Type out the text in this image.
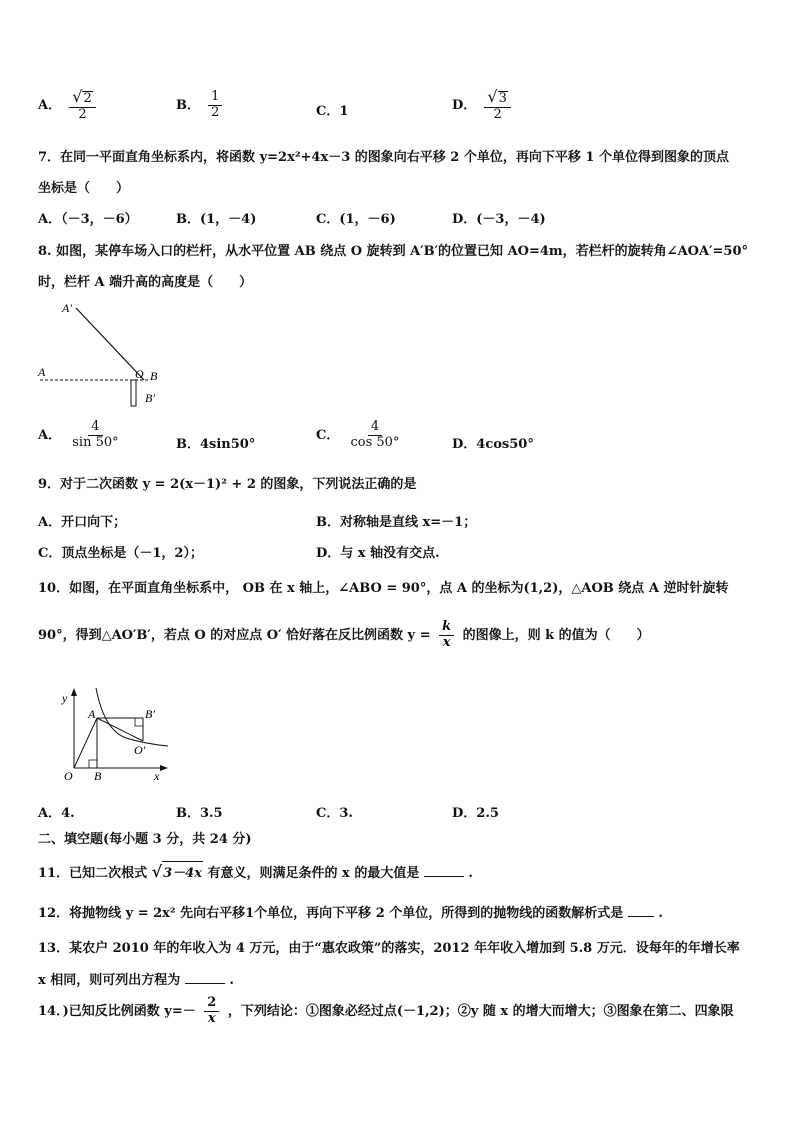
A． $\frac{√2}{2}$	B． $\frac{1}{2}$	C．1	D． $\frac{√3}{2}$
7．在同一平面直角坐标系内，将函数 y=2x²+4x－3 的图象向右平移 2 个单位，再向下平移 1 个单位得到图象的顶点
坐标是（　　）
A．（－3，－6）	B．(1，－4)	C．(1，－6)	D．(－3，－4)
8. 如图，某停车场入口的栏杆，从水平位置 AB 绕点 O 旋转到 A′B′的位置已知 AO=4m，若栏杆的旋转角∠AOA′=50°
时，栏杆 A 端升高的高度是（　　）
A′
A	O B
B′
A． $\frac{4}{\sin 50^\circ}$	B．4sin50°
C． $\frac{4}{\cos 50^\circ}$	D．4cos50°
9．对于二次函数 y = 2(x－1)² + 2 的图象，下列说法正确的是
A．开口向下；	B．对称轴是直线 x=－1；
C．顶点坐标是（－1，2）；	D．与 x 轴没有交点.
10．如图，在平面直角坐标系中， OB 在 x 轴上，∠ABO = 90°，点 A 的坐标为(1,2)，△AOB 绕点 A 逆时针旋转
90°，得到△AO′B′，若点 O 的对应点 O′ 恰好落在反比例函数 $y = \frac{k}{x}$ 的图像上，则 k 的值为（　　）
y
A	B′
O′
O B	x
A．4.	B．3.5	C．3.	D．2.5
二、填空题(每小题 3 分，共 24 分)
11．已知二次根式 √3－4x 有意义，则满足条件的 x 的最大值是	.
12．将抛物线 y = 2x² 先向右平移1个单位，再向下平移 2 个单位，所得到的抛物线的函数解析式是	.
13．某农户 2010 年的年收入为 4 万元，由于“惠农政策”的落实，2012 年年收入增加到 5.8 万元．设每年的年增长率
x 相同，则可列出方程为	.
14．)已知反比例函数 $y=- \frac{2}{x}$ ，下列结论：①图象必经过点(－1,2)；②y 随 x 的增大而增大；③图象在第二、四象限
